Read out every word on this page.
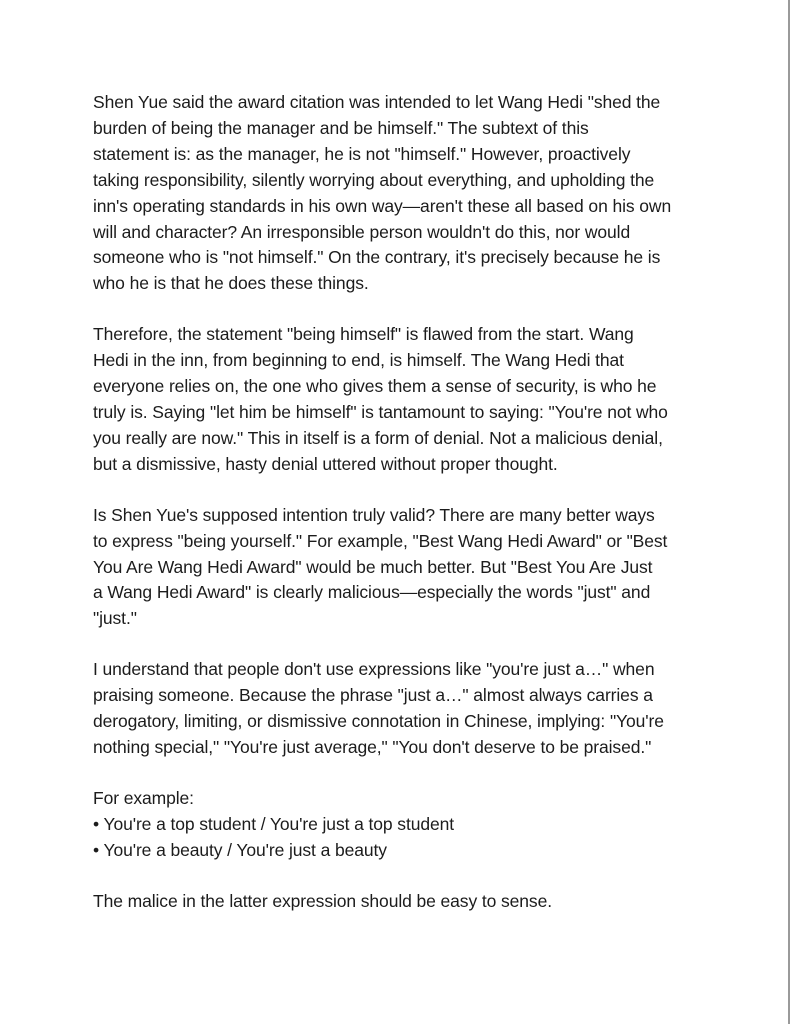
Shen Yue said the award citation was intended to let Wang Hedi "shed the
burden of being the manager and be himself." The subtext of this
statement is: as the manager, he is not "himself." However, proactively
taking responsibility, silently worrying about everything, and upholding the
inn's operating standards in his own way—aren't these all based on his own
will and character? An irresponsible person wouldn't do this, nor would
someone who is "not himself." On the contrary, it's precisely because he is
who he is that he does these things.

Therefore, the statement "being himself" is flawed from the start. Wang
Hedi in the inn, from beginning to end, is himself. The Wang Hedi that
everyone relies on, the one who gives them a sense of security, is who he
truly is. Saying "let him be himself" is tantamount to saying: "You're not who
you really are now." This in itself is a form of denial. Not a malicious denial,
but a dismissive, hasty denial uttered without proper thought.

Is Shen Yue's supposed intention truly valid? There are many better ways
to express "being yourself." For example, "Best Wang Hedi Award" or "Best
You Are Wang Hedi Award" would be much better. But "Best You Are Just
a Wang Hedi Award" is clearly malicious—especially the words "just" and
"just."

I understand that people don't use expressions like "you're just a…" when
praising someone. Because the phrase "just a…" almost always carries a
derogatory, limiting, or dismissive connotation in Chinese, implying: "You're
nothing special," "You're just average," "You don't deserve to be praised."

For example:
• You're a top student / You're just a top student
• You're a beauty / You're just a beauty

The malice in the latter expression should be easy to sense.
